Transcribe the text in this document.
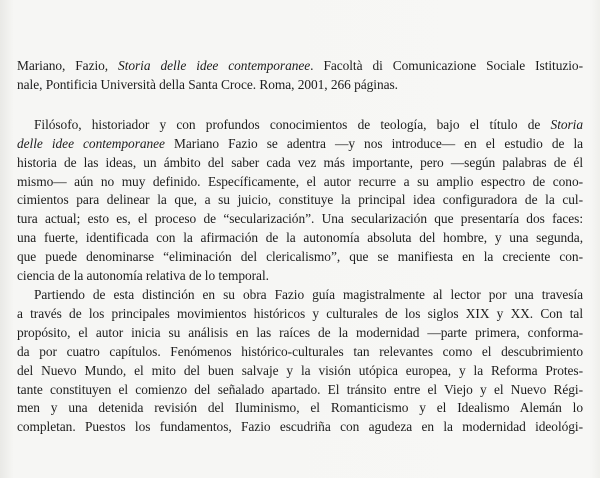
Mariano, Fazio, Storia delle idee contemporanee. Facoltà di Comunicazione Sociale Istituzio-
nale, Pontificia Università della Santa Croce. Roma, 2001, 266 páginas.
Filósofo, historiador y con profundos conocimientos de teología, bajo el título de Storia
delle idee contemporanee Mariano Fazio se adentra —y nos introduce— en el estudio de la
historia de las ideas, un ámbito del saber cada vez más importante, pero —según palabras de él
mismo— aún no muy definido. Específicamente, el autor recurre a su amplio espectro de cono-
cimientos para delinear la que, a su juicio, constituye la principal idea configuradora de la cul-
tura actual; esto es, el proceso de “secularización”. Una secularización que presentaría dos faces:
una fuerte, identificada con la afirmación de la autonomía absoluta del hombre, y una segunda,
que puede denominarse “eliminación del clericalismo”, que se manifiesta en la creciente con-
ciencia de la autonomía relativa de lo temporal.
Partiendo de esta distinción en su obra Fazio guía magistralmente al lector por una travesía
a través de los principales movimientos históricos y culturales de los siglos XIX y XX. Con tal
propósito, el autor inicia su análisis en las raíces de la modernidad —parte primera, conforma-
da por cuatro capítulos. Fenómenos histórico-culturales tan relevantes como el descubrimiento
del Nuevo Mundo, el mito del buen salvaje y la visión utópica europea, y la Reforma Protes-
tante constituyen el comienzo del señalado apartado. El tránsito entre el Viejo y el Nuevo Régi-
men y una detenida revisión del Iluminismo, el Romanticismo y el Idealismo Alemán lo
completan. Puestos los fundamentos, Fazio escudriña con agudeza en la modernidad ideológi-
